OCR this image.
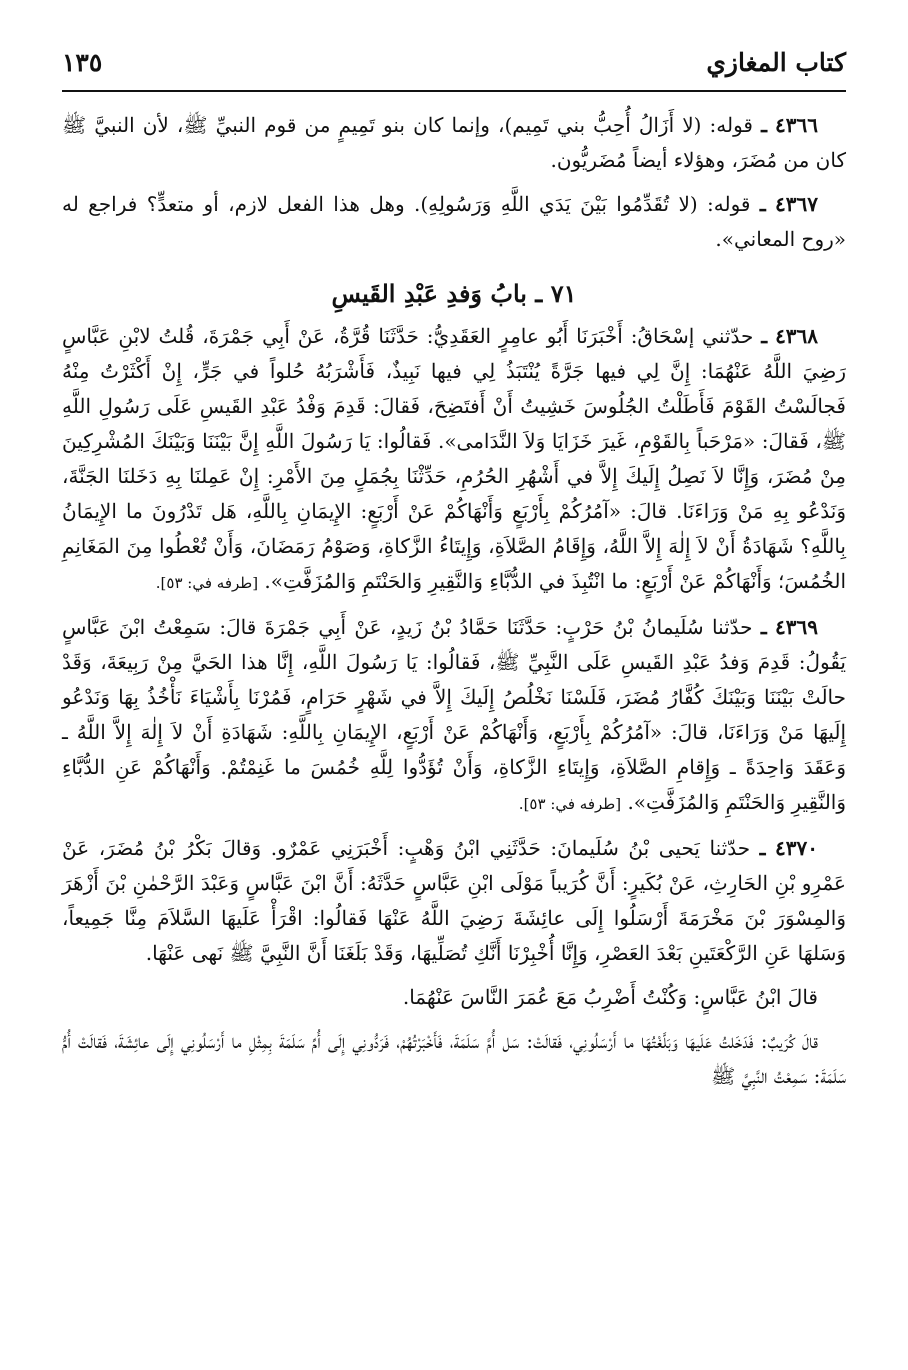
كتاب المغازي
١٣٥

٤٣٦٦ ـ قوله: (لا أَزَالُ أُحِبُّ بني تَمِيم)، وإنما كان بنو تَمِيمٍ من قوم النبيِّ ﷺ، لأن النبيَّ ﷺ كان من مُضَرَ، وهؤلاء أيضاً مُضَريُّون.

٤٣٦٧ ـ قوله: (لا تُقَدِّمُوا بَيْنَ يَدَي اللَّهِ وَرَسُولِهِ). وهل هذا الفعل لازم، أو متعدٍّ؟ فراجع له «روح المعاني».

٧١ ـ بابُ وَفدِ عَبْدِ القَيسِ

٤٣٦٨ ـ حدّثني إسْحَاقُ: أَخْبَرَنَا أَبُو عامِرٍ العَقَدِيُّ: حَدَّثَنَا قُرَّةُ، عَنْ أَبِي جَمْرَةَ، قُلتُ لابْنِ عَبَّاسٍ رَضِيَ اللَّهُ عَنْهُمَا: إِنَّ لِي فيها جَرَّةً يُنْتَبَذُ لِي فيها نَبِيذٌ، فَأَشْرَبُهُ حُلواً في جَرٍّ، إِنْ أَكْثَرْتُ مِنْهُ فَجالَسْتُ القَوْمَ فَأَطَلْتُ الجُلُوسَ خَشِيتُ أَنْ أَفتَضِحَ، فَقالَ: قَدِمَ وَفْدُ عَبْدِ القَيسِ عَلَى رَسُولِ اللَّهِ ﷺ، فَقالَ: «مَرْحَباً بِالقَوْمِ، غَيرَ خَزَايَا وَلاَ النَّدَامى». فَقالُوا: يَا رَسُولَ اللَّهِ إِنَّ بَيْنَنَا وَبَيْنَكَ المُشْرِكِينَ مِنْ مُضَرَ، وَإِنَّا لاَ نَصِلُ إِلَيكَ إِلاَّ في أَشْهُرِ الحُرُمِ، حَدِّثْنَا بِجُمَلٍ مِنَ الأَمْرِ: إِنْ عَمِلنَا بِهِ دَخَلنَا الجَنَّةَ، وَنَدْعُو بِهِ مَنْ وَرَاءَنَا. قالَ: «آمُرُكُمْ بِأَرْبَعٍ وَأَنْهَاكُمْ عَنْ أَرْبَعٍ: الإِيمَانِ بِاللَّهِ، هَل تَدْرُونَ ما الإِيمَانُ بِاللَّهِ؟ شَهَادَةُ أَنْ لاَ إِلٰهَ إِلاَّ اللَّهُ، وَإِقَامُ الصَّلاَةِ، وَإِيتَاءُ الزَّكاةِ، وَصَوْمُ رَمَضَانَ، وَأَنْ تُعْطُوا مِنَ المَغَانِمِ الخُمُسَ؛ وَأَنْهَاكُمْ عَنْ أَرْبَعٍ: ما انْتُبِذَ في الدُّبَّاءِ وَالنَّقِيرِ وَالحَنْتَمِ وَالمُزَفَّتِ». [طرفه في: ٥٣].

٤٣٦٩ ـ حدّثنا سُلَيمانُ بْنُ حَرْبٍ: حَدَّثَنَا حَمَّادُ بْنُ زَيدٍ، عَنْ أَبِي جَمْرَةَ قالَ: سَمِعْتُ ابْنَ عَبَّاسٍ يَقُولُ: قَدِمَ وَفدُ عَبْدِ القَيسِ عَلَى النَّبِيِّ ﷺ، فَقالُوا: يَا رَسُولَ اللَّهِ، إِنَّا هذا الحَيَّ مِنْ رَبِيعَةَ، وَقَدْ حالَتْ بَيْنَنَا وَبَيْنَكَ كُفَّارُ مُضَرَ، فَلَسْنَا نَخْلُصُ إِلَيكَ إِلاَّ في شَهْرٍ حَرَامٍ، فَمُرْنَا بِأَشْيَاءَ نَأْخُذُ بِهَا وَنَدْعُو إِلَيهَا مَنْ وَرَاءَنَا، قالَ: «آمُرُكُمْ بِأَرْبَعٍ، وَأَنْهَاكُمْ عَنْ أَرْبَعٍ، الإِيمَانِ بِاللَّهِ: شَهَادَةِ أَنْ لاَ إِلٰهَ إِلاَّ اللَّهُ ـ وَعَقَدَ وَاحِدَةً ـ وَإِقامِ الصَّلاَةِ، وَإِيتَاءِ الزَّكاةِ، وَأَنْ تُؤَدُّوا لِلَّهِ خُمُسَ ما غَنِمْتُمْ. وَأَنْهَاكُمْ عَنِ الدُّبَّاءِ وَالنَّقِيرِ وَالحَنْتَمِ وَالمُزَفَّتِ». [طرفه في: ٥٣].

٤٣٧٠ ـ حدّثنا يَحيى بْنُ سُلَيمانَ: حَدَّثَنِي ابْنُ وَهْبٍ: أَخْبَرَنِي عَمْرٌو. وَقالَ بَكْرُ بْنُ مُضَرَ، عَنْ عَمْرِو بْنِ الحَارِثِ، عَنْ بُكَيرٍ: أَنَّ كُرَيباً مَوْلَى ابْنِ عَبَّاسٍ حَدَّثَهُ: أَنَّ ابْنَ عَبَّاسٍ وَعَبْدَ الرَّحْمٰنِ بْنَ أَزْهَرَ وَالمِسْوَرَ بْنَ مَخْرَمَةَ أَرْسَلُوا إِلَى عائِشَةَ رَضِيَ اللَّهُ عَنْهَا فَقالُوا: اقْرَأْ عَلَيهَا السَّلاَمَ مِنَّا جَمِيعاً، وَسَلهَا عَنِ الرَّكْعَتَينِ بَعْدَ العَصْرِ، وَإِنَّا أُخْبِرْنَا أَنَّكِ تُصَلِّيهَا، وَقَدْ بَلَغَنَا أَنَّ النَّبِيَّ ﷺ نَهى عَنْهَا.

قالَ ابْنُ عَبَّاسٍ: وَكُنْتُ أَضْرِبُ مَعَ عُمَرَ النَّاسَ عَنْهُمَا.

قالَ كُرَيبٌ: فَدَخَلتُ عَلَيهَا وَبَلَّغْتُهَا ما أَرْسَلُونِي، فَقالَتْ: سَل أُمَّ سَلَمَةَ، فَأَخْبَرْتُهُمْ، فَرَدُّونِي إِلَى أُمِّ سَلَمَةَ بِمِثْلِ ما أَرْسَلُونِي إِلَى عائِشَةَ، فَقالَتْ أُمُّ سَلَمَةَ: سَمِعْتُ النَّبِيَّ ﷺ
